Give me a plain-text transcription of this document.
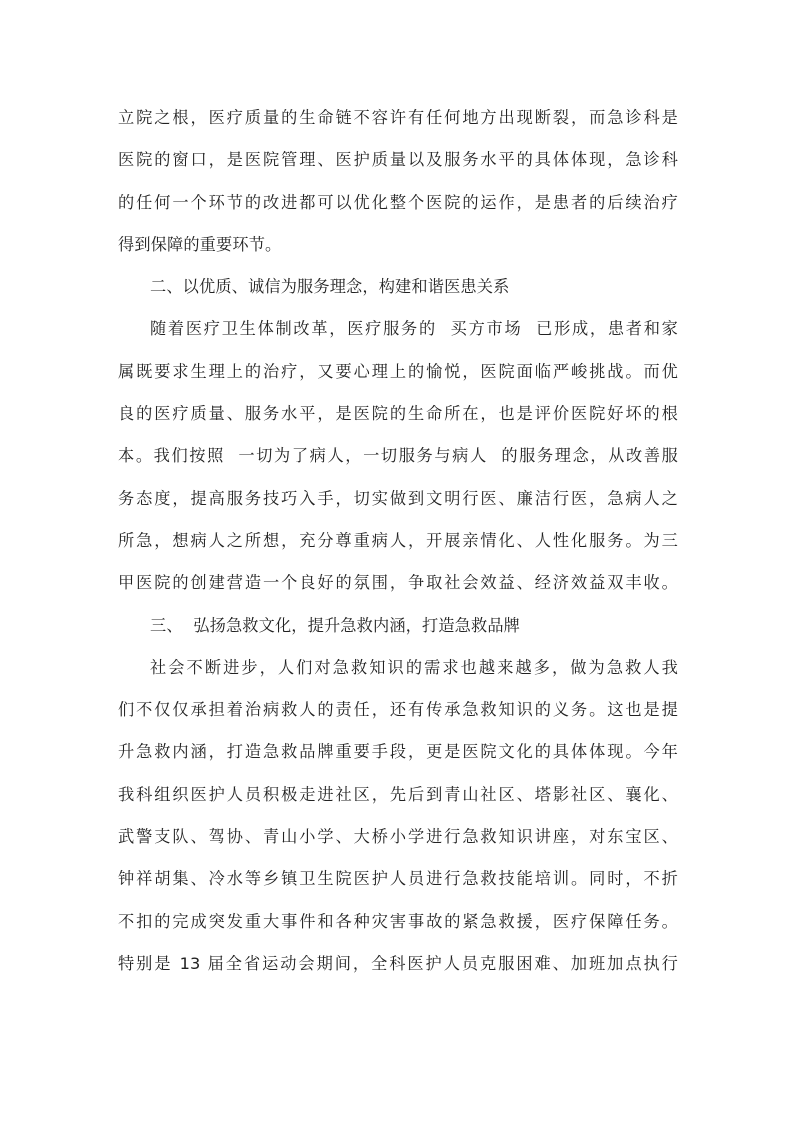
立院之根，医疗质量的生命链不容许有任何地方出现断裂，而急诊科是
医院的窗口，是医院管理、医护质量以及服务水平的具体体现，急诊科
的任何一个环节的改进都可以优化整个医院的运作，是患者的后续治疗
得到保障的重要环节。
二、以优质、诚信为服务理念，构建和谐医患关系
随着医疗卫生体制改革，医疗服务的  买方市场  已形成，患者和家
属既要求生理上的治疗，又要心理上的愉悦，医院面临严峻挑战。而优
良的医疗质量、服务水平，是医院的生命所在，也是评价医院好坏的根
本。我们按照  一切为了病人，一切服务与病人  的服务理念，从改善服
务态度，提高服务技巧入手，切实做到文明行医、廉洁行医，急病人之
所急，想病人之所想，充分尊重病人，开展亲情化、人性化服务。为三
甲医院的创建营造一个良好的氛围，争取社会效益、经济效益双丰收。
三、  弘扬急救文化，提升急救内涵，打造急救品牌
社会不断进步，人们对急救知识的需求也越来越多，做为急救人我
们不仅仅承担着治病救人的责任，还有传承急救知识的义务。这也是提
升急救内涵，打造急救品牌重要手段，更是医院文化的具体体现。今年
我科组织医护人员积极走进社区，先后到青山社区、塔影社区、襄化、
武警支队、驾协、青山小学、大桥小学进行急救知识讲座，对东宝区、
钟祥胡集、冷水等乡镇卫生院医护人员进行急救技能培训。同时，不折
不扣的完成突发重大事件和各种灾害事故的紧急救援，医疗保障任务。
特别是 13 届全省运动会期间，全科医护人员克服困难、加班加点执行
